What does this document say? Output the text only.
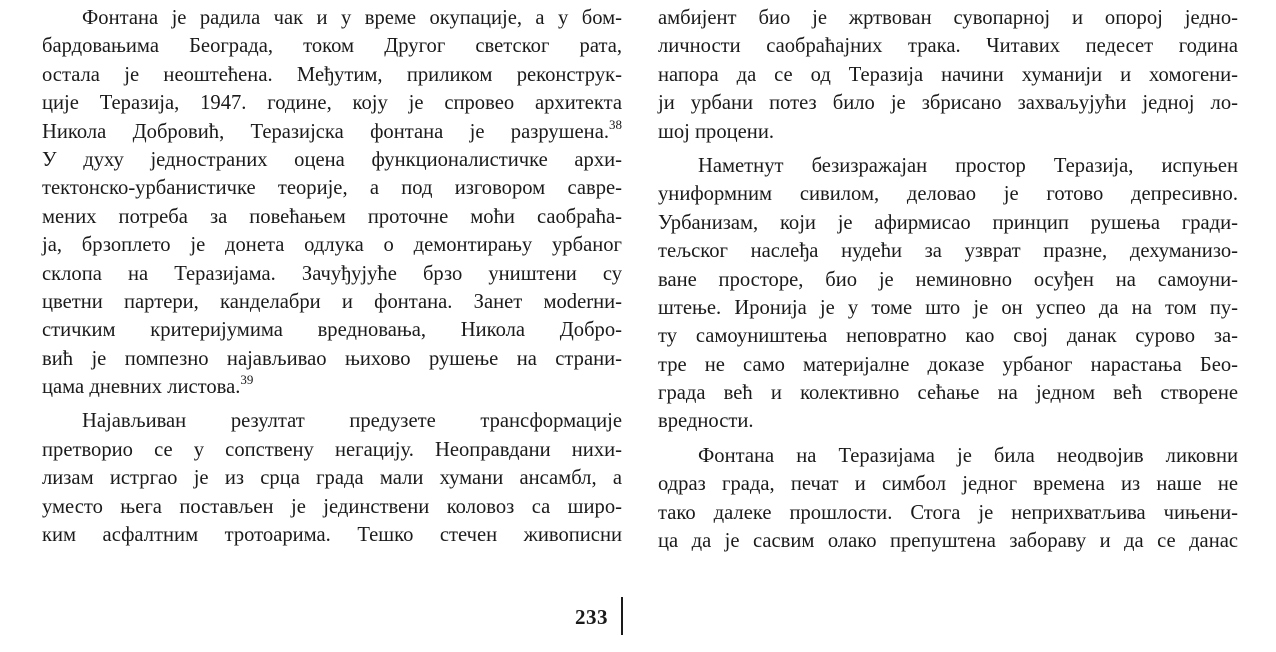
Фонтана је радила чак и у време окупације, а у бом-
бардовањима Београда, током Другог светског рата,
остала је неоштећена. Међутим, приликом реконструк-
ције Теразија, 1947. године, коју је спровео архитекта
Никола Добровић, Теразијска фонтана је разрушена.$^{38}$
У духу једностраних оцена функционалистичке архи-
тектонско-урбанистичке теорије, а под изговором савре-
мених потреба за повећањем проточне моћи саобраћа-
ја, брзоплето је донета одлука о демонтирању урбаног
склопа на Теразијама. Зачуђујуће брзо уништени су
цветни партери, канделабри и фонтана. Занет моderни-
стичким критеријумима вредновања, Никола Добро-
вић је помпезно најављивао њихово рушење на страни-
цама дневних листова.$^{39}$
Најављиван резултат предузете трансформације
претворио се у сопствену негацију. Неоправдани нихи-
лизам истргао је из срца града мали хумани ансамбл, а
уместо њега постављен је јединствени коловоз са широ-
ким асфалтним тротоарима. Тешко стечен живописни
амбијент био је жртвован сувопарној и опорој једно-
личности саобраћајних трака. Читавих педесет година
напора да се од Теразија начини хуманији и хомогени-
ји урбани потез било је збрисано захваљујући једној ло-
шој процени.
Наметнут безизражајан простор Теразија, испуњен
униформним сивилом, деловао је готово депресивно.
Урбанизам, који је афирмисао принцип рушења гради-
тељског наслеђа нудећи за узврат празне, дехуманизо-
ване просторе, био је неминовно осуђен на самоуни-
штење. Иронија је у томе што је он успео да на том пу-
ту самоуништења неповратно као свој данак сурово за-
тре не само материјалне доказе урбаног нарастања Бео-
града већ и колективно сећање на једном већ створене
вредности.
Фонтана на Теразијама је била неодвојив ликовни
одраз града, печат и симбол једног времена из наше не
тако далеке прошлости. Стога је неприхватљива чињени-
ца да је сасвим олако препуштена забораву и да се данас
233
